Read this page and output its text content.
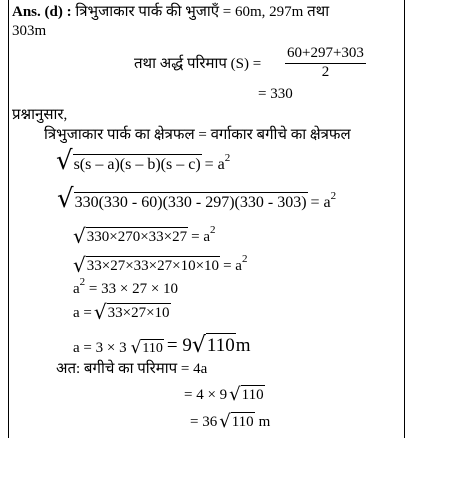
Ans. (d) : त्रिभुजाकार पार्क की भुजाएँ = 60m, 297m तथा
303m
तथा अर्द्ध परिमाप $(S) = \frac{60+297+303}{2}$
= 330
प्रश्नानुसार,
त्रिभुजाकार पार्क का क्षेत्रफल = वर्गाकार बगीचे का क्षेत्रफल
√ $s(s - a)(s - b)(s - c) = a^2$
√ $330(330 - 60)(330 - 297)(330 - 303) = a^2$
√ $330\times 270\times 33\times 27 = a^2$
√ $33\times 27\times 33\times 27\times 10\times 10 = a^2$
$a^2 = 33 \times 27 \times 10$
a = √ 33×27×10
a = 3 × 3 √ 110 = 9 √ 110 m
अत: बगीचे का परिमाप = 4a
= 4 × 9 √ 110
= 36 √ 110 m
